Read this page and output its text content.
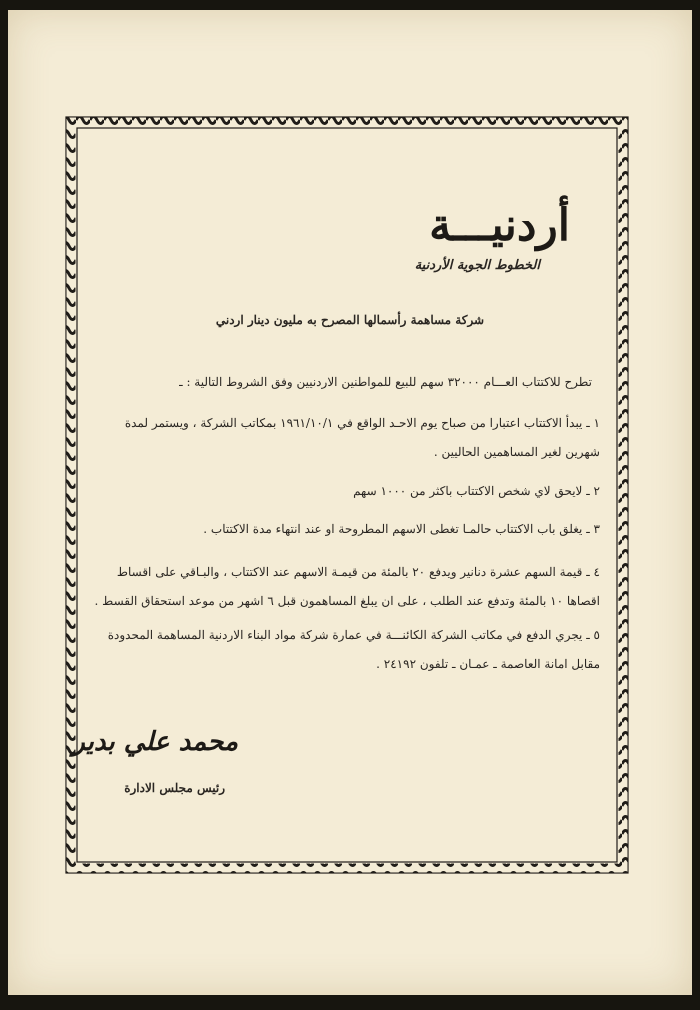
أردنيـــة
الخطوط الجوية الأردنية
شركة مساهمة رأسمالها المصرح به مليون دينار اردني
تطرح للاكتتاب العـــام ٣٢٠٠٠ سهم للبيع للمواطنين الاردنيين وفق الشروط التالية : ـ
١ ـ يبدأ الاكتتاب اعتبارا من صباح يوم الاحـد الواقع في ١٩٦١/١٠/١ بمكاتب الشركة ، ويستمر لمدة شهرين لغير المساهمين الحاليين .
٢ ـ لايحق لاي شخص الاكتتاب باكثر من ١٠٠٠ سهم
٣ ـ يغلق باب الاكتتاب حالمـا تغطى الاسهم المطروحة او عند انتهاء مدة الاكتتاب .
٤ ـ قيمة السهم عشرة دنانير ويدفع ٢٠ بالمئة من قيمـة الاسهم عند الاكتتاب ، والبـاقي على اقساط اقصاها ١٠ بالمئة وتدفع عند الطلب ، على ان يبلغ المساهمون قبل ٦ اشهر من موعد استحقاق القسط .
٥ ـ يجري الدفع في مكاتب الشركة الكائنـــة في عمارة شركة مواد البناء الاردنية المساهمة المحدودة مقابل امانة العاصمة ـ عمـان ـ تلفون ٢٤١٩٢ .
محمد علي بدير
رئيس مجلس الادارة
